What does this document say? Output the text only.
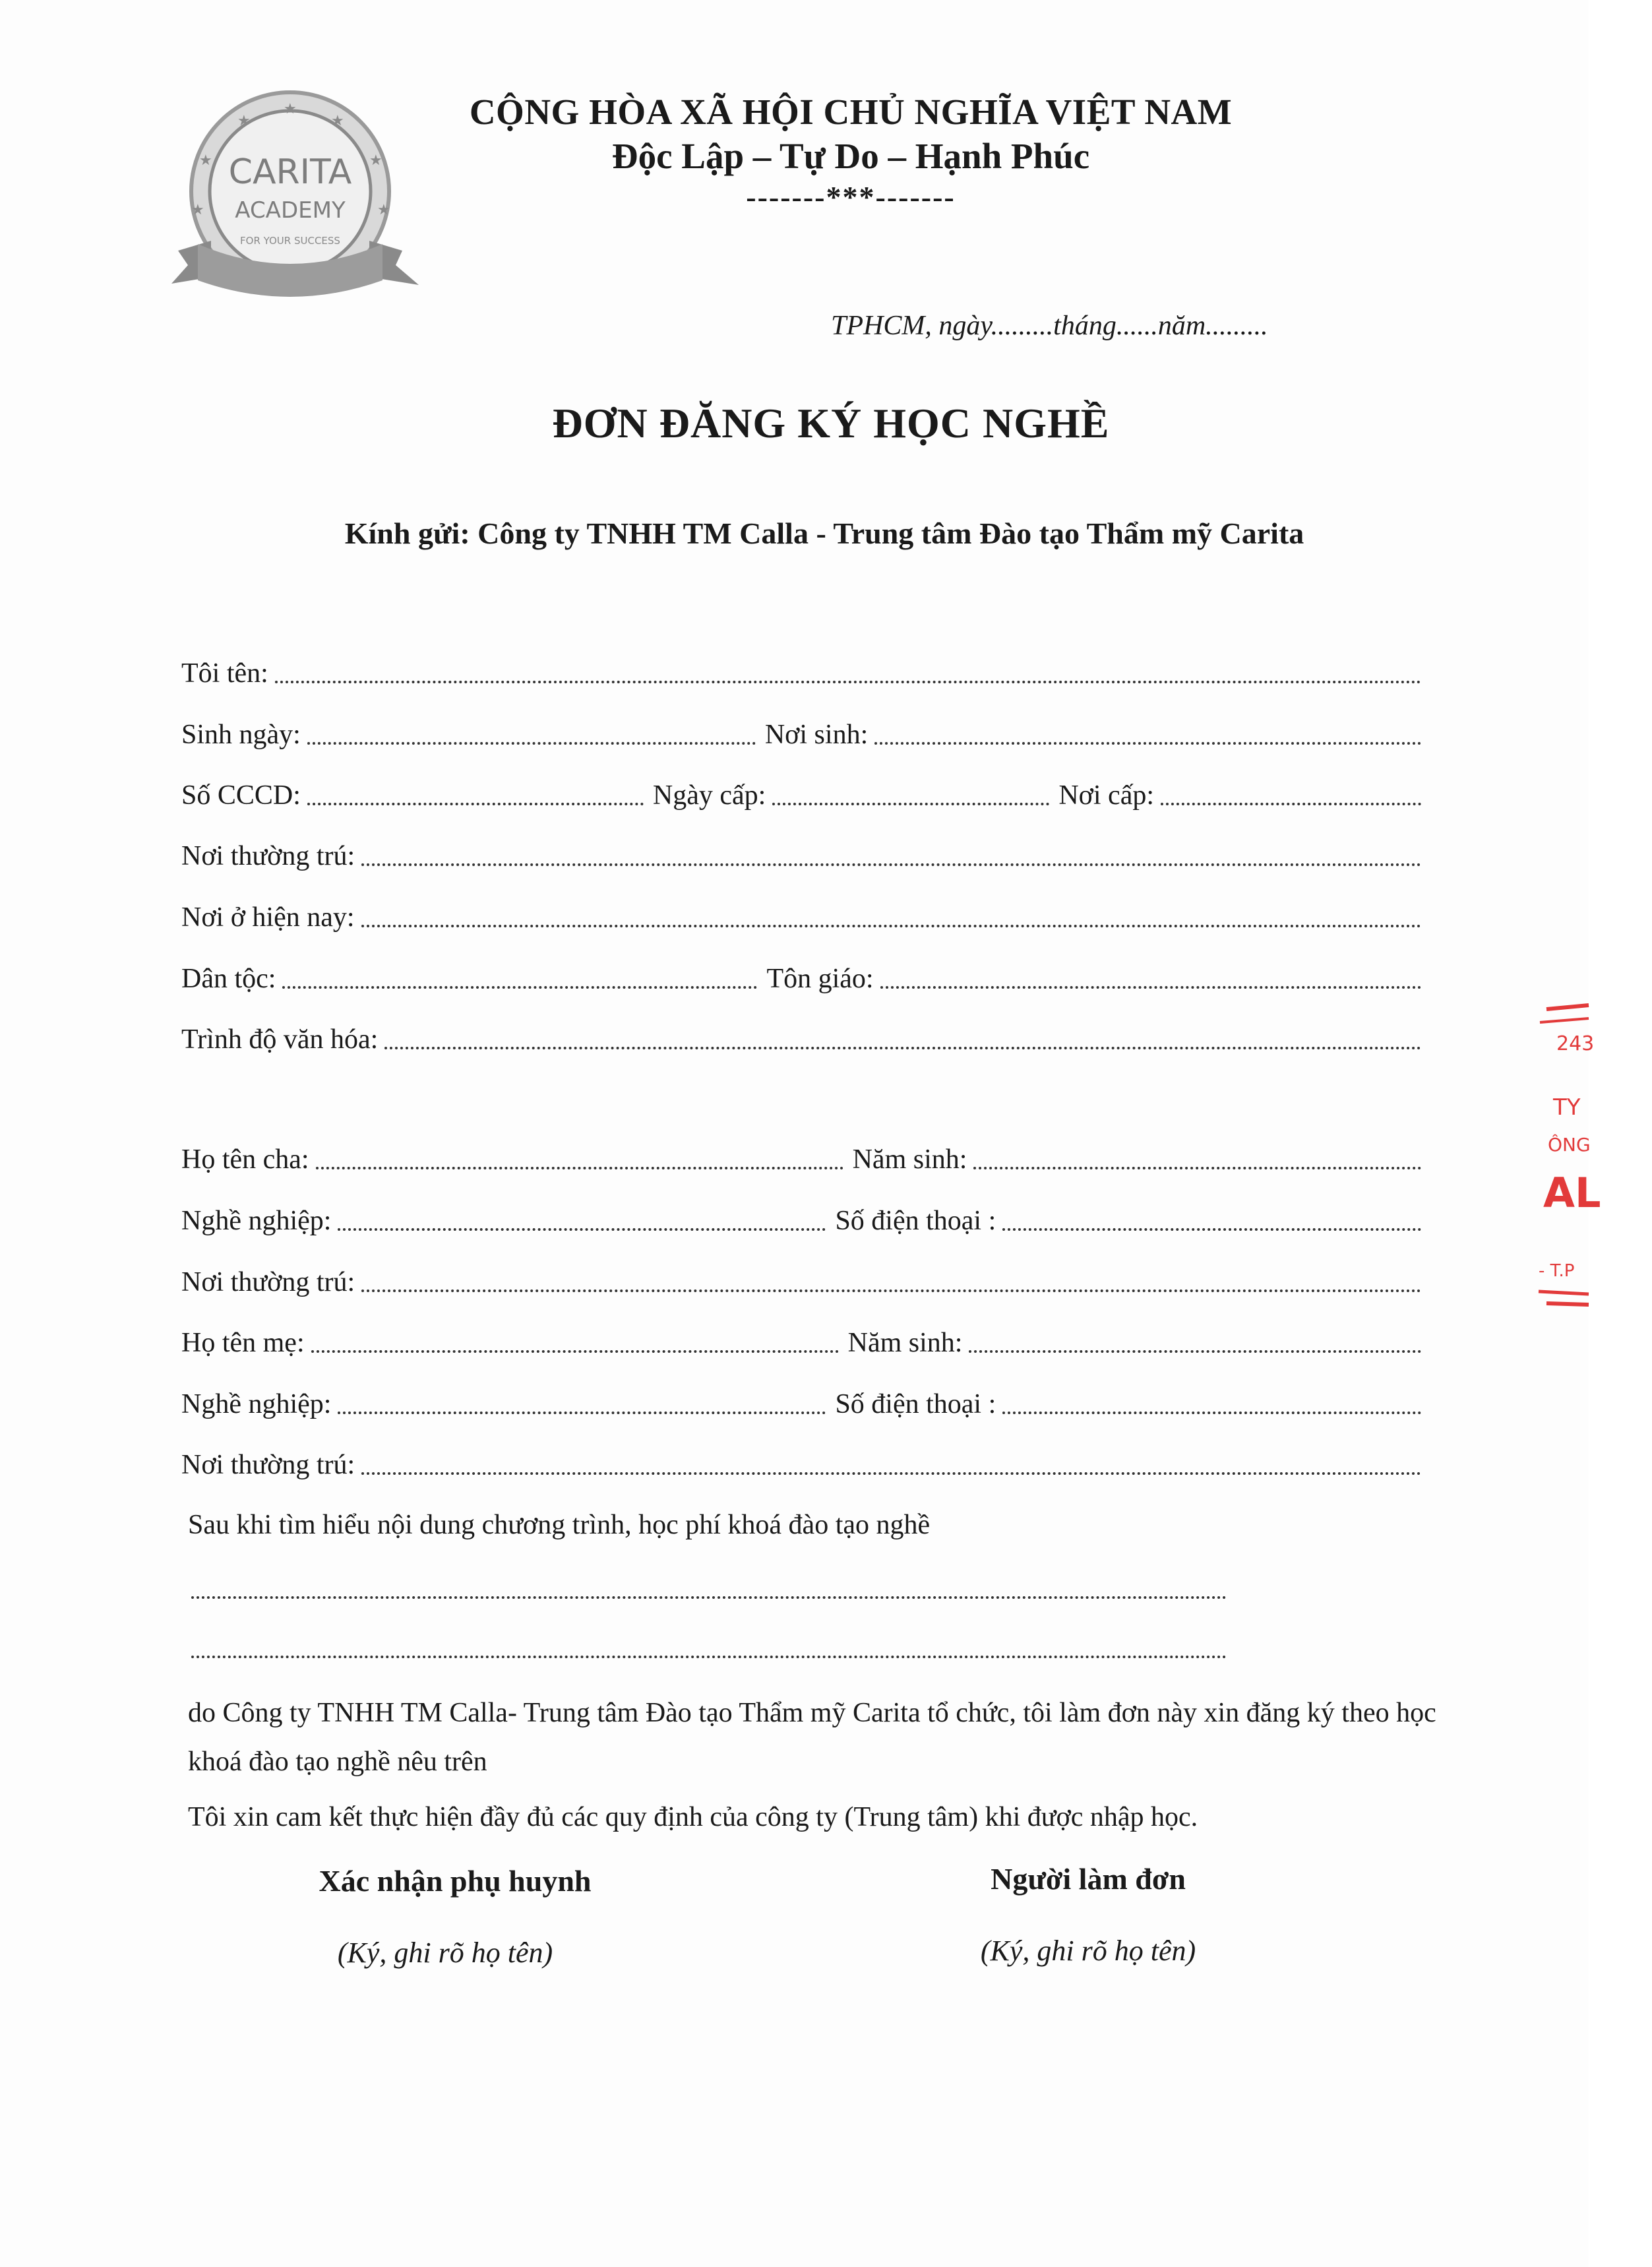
★
★
★
★	★
★	★
CARITA
ACADEMY
FOR YOUR SUCCESS
CỘNG HÒA XÃ HỘI CHỦ NGHĨA VIỆT NAM
Độc Lập – Tự Do – Hạnh Phúc
-------***-------
TPHCM, ngày.........tháng......năm.........
ĐƠN ĐĂNG KÝ HỌC NGHỀ
Kính gửi: Công ty TNHH TM Calla - Trung tâm Đào tạo Thẩm mỹ Carita
Tôi tên:
Sinh ngày:	Nơi sinh:
Số CCCD:	Ngày cấp:	Nơi cấp:
Nơi thường trú:
Nơi ở hiện nay:
Dân tộc:	Tôn giáo:
Trình độ văn hóa:
Họ tên cha:	Năm sinh:
Nghề nghiệp:	Số điện thoại :
Nơi thường trú:
Họ tên mẹ:	Năm sinh:
Nghề nghiệp:	Số điện thoại :
Nơi thường trú:
Sau khi tìm hiểu nội dung chương trình, học phí khoá đào tạo nghề
do Công ty TNHH TM Calla- Trung tâm Đào tạo Thẩm mỹ Carita tổ chức, tôi làm đơn này xin đăng ký theo học khoá đào tạo nghề nêu trên
Tôi xin cam kết thực hiện đầy đủ các quy định của công ty (Trung tâm) khi được nhập học.
Xác nhận phụ huynh
(Ký, ghi rõ họ tên)
Người làm đơn
(Ký, ghi rõ họ tên)
243
TY
ÔNG
AL
- T.P
